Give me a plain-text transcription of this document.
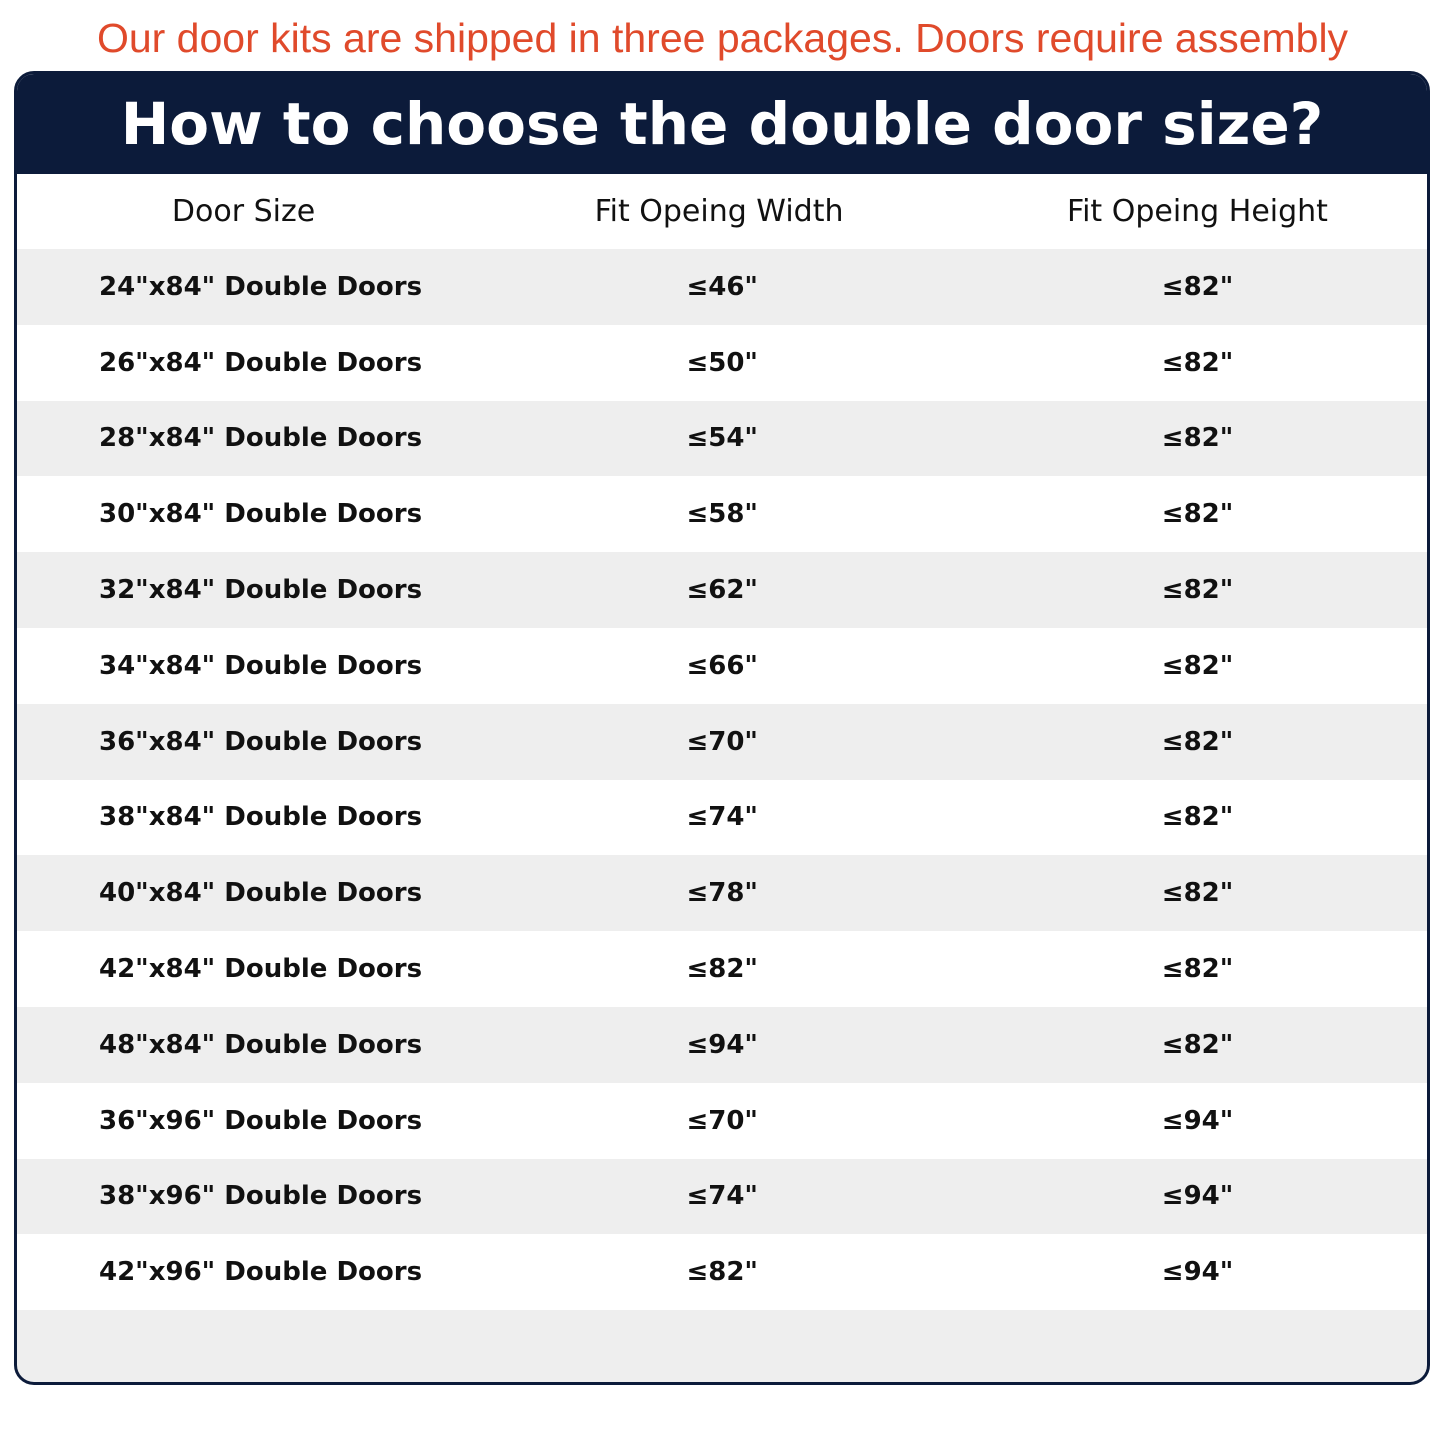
Our door kits are shipped in three packages. Doors require assembly
How to choose the double door size?
Door Size	Fit Opeing Width	Fit Opeing Height
24"x84" Double Doors	≤46"	≤82"
26"x84" Double Doors	≤50"	≤82"
28"x84" Double Doors	≤54"	≤82"
30"x84" Double Doors	≤58"	≤82"
32"x84" Double Doors	≤62"	≤82"
34"x84" Double Doors	≤66"	≤82"
36"x84" Double Doors	≤70"	≤82"
38"x84" Double Doors	≤74"	≤82"
40"x84" Double Doors	≤78"	≤82"
42"x84" Double Doors	≤82"	≤82"
48"x84" Double Doors	≤94"	≤82"
36"x96" Double Doors	≤70"	≤94"
38"x96" Double Doors	≤74"	≤94"
42"x96" Double Doors	≤82"	≤94"
